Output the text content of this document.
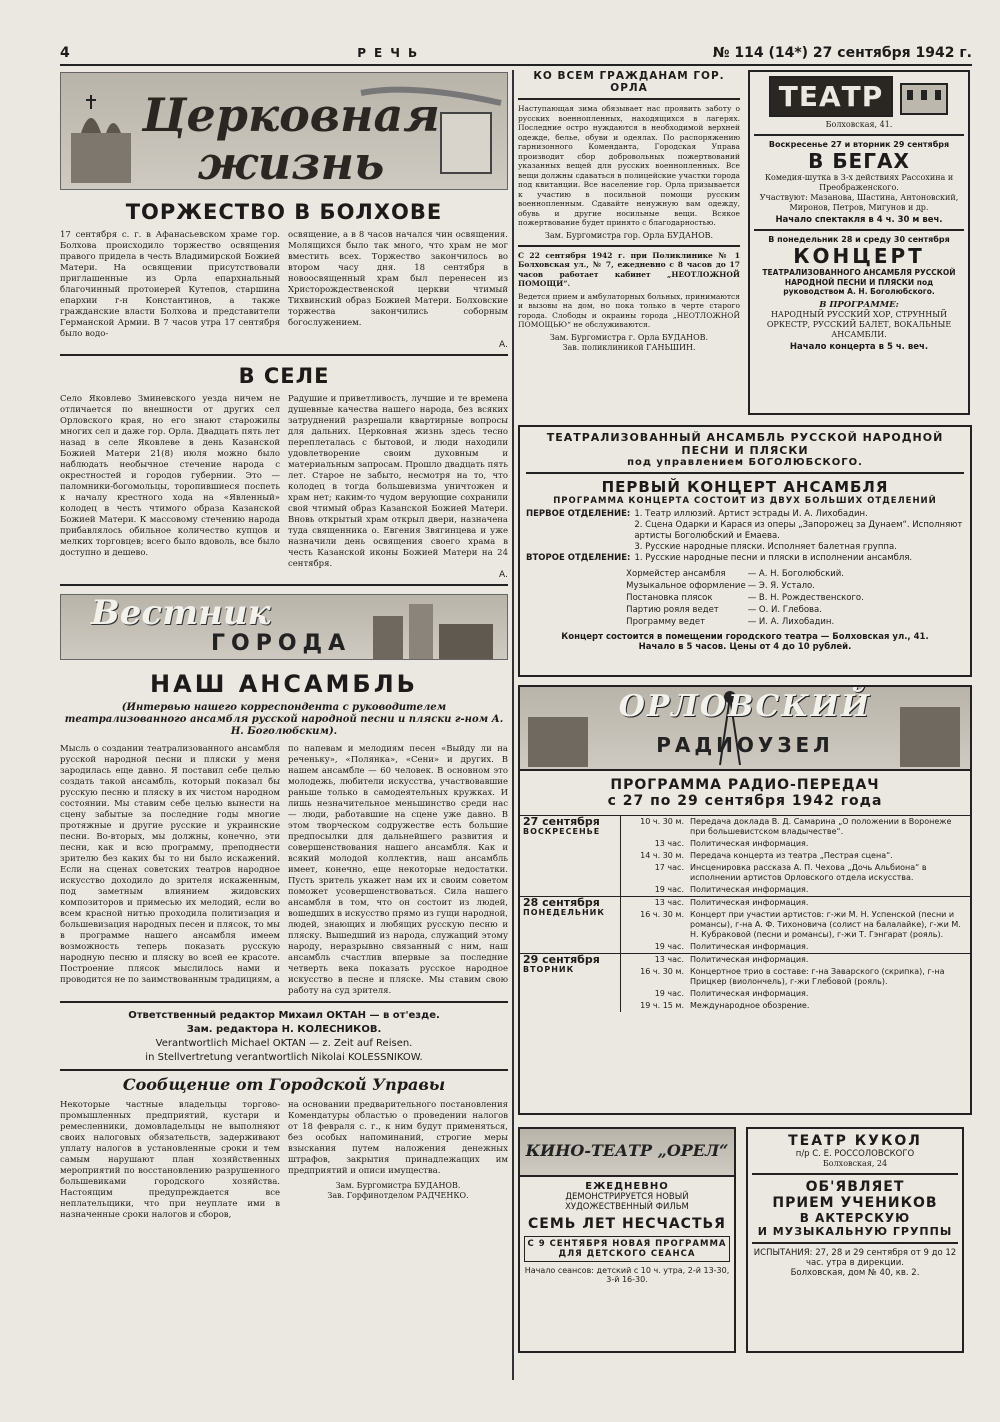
4	РЕЧЬ	№ 114 (14*) 27 сентября 1942 г.
Церковная жизнь
ТОРЖЕСТВО В БОЛХОВЕ
17 сентября с. г. в Афанасьевском храме гор. Болхова происходило торжество освящения правого придела в честь Владимирской Божией Матери. На освящении присутствовали приглашенные из Орла епархиальный благочинный протоиерей Кутепов, старшина епархии г-н Константинов, а также гражданские власти Болхова и представители Германской Армии. В 7 часов утра 17 сентября было водо-
освящение, а в 8 часов начался чин освящения. Молящихся было так много, что храм не мог вместить всех. Торжество закончилось во втором часу дня. 18 сентября в новоосвященный храм был перенесен из Христорождественской церкви чтимый Тихвинский образ Божией Матери. Болховские торжества закончились соборным богослужением.
А.
В СЕЛЕ
Село Яковлево Зминевского уезда ничем не отличается по внешности от других сел Орловского края, но его знают старожилы многих сел и даже гор. Орла. Двадцать пять лет назад в селе Яковлеве в день Казанской Божией Матери 21(8) июля можно было наблюдать необычное стечение народа с окрестностей и городов губернии. Это — паломники-богомольцы, торопившиеся поспеть к началу крестного хода на «Явленный» колодец в честь чтимого образа Казанской Божией Матери. К массовому стечению народа прибавлялось обильное количество купцов и мелких торговцев; всего было вдоволь, все было доступно и дешево.
Радушие и приветливость, лучшие и те времена душевные качества нашего народа, без всяких затруднений разрешали квартирные вопросы для дальних. Церковная жизнь здесь тесно переплеталась с бытовой, и люди находили удовлетворение своим духовным и материальным запросам. Прошло двадцать пять лет. Старое не забыто, несмотря на то, что колодец в тогда большевизма уничтожен и храм нет; каким-то чудом верующие сохранили свой чтимый образ Казанской Божией Матери. Вновь открытый храм открыл двери, назначена туда священника о. Евгения Звягинцева и уже назначили день освящения своего храма в честь Казанской иконы Божией Матери на 24 сентября.
А.
Вестник
ГОРОДА
НАШ АНСАМБЛЬ
(Интервью нашего корреспондента с руководителем театрализованного ансамбля русской народной песни и пляски г-ном А. Н. Боголюбским).
Мысль о создании театрализованного ансамбля русской народной песни и пляски у меня зародилась еще давно. Я поставил себе целью создать такой ансамбль, который показал бы русскую песню и пляску в их чистом народном состоянии. Мы ставим себе целью вынести на сцену забытые за последние годы многие протяжные и другие русские и украинские песни. Во-вторых, мы должны, конечно, эти песни, как и всю программу, преподнести зрителю без каких бы то ни было искажений. Если на сценах советских театров народное искусство доходило до зрителя искаженным, под заметным влиянием жидовских композиторов и примесью их мелодий, если во всем красной нитью проходила политизация и большевизация народных песен и плясок, то мы в программе нашего ансамбля имеем возможность теперь показать русскую народную песню и пляску во всей ее красоте. Построение плясок мыслилось нами и проводится не по заимствованным традициям, а
по напевам и мелодиям песен «Выйду ли на реченьку», «Полянка», «Сени» и других. В нашем ансамбле — 60 человек. В основном это молодежь, любители искусства, участвовавшие раньше только в самодеятельных кружках. И лишь незначительное меньшинство среди нас — люди, работавшие на сцене уже давно. В этом творческом содружестве есть большие предпосылки для дальнейшего развития и совершенствования нашего ансамбля. Как и всякий молодой коллектив, наш ансамбль имеет, конечно, еще некоторые недостатки. Пусть зритель укажет нам их и своим советом поможет усовершенствоваться. Сила нашего ансамбля в том, что он состоит из людей, вошедших в искусство прямо из гущи народной, людей, знающих и любящих русскую песню и пляску. Вышедший из народа, служащий этому народу, неразрывно связанный с ним, наш ансамбль счастлив впервые за последние четверть века показать русское народное искусство в песне и пляске. Мы ставим свою работу на суд зрителя.
Ответственный редактор Михаил ОКТАН — в от'езде.
Зам. редактора Н. КОЛЕСНИКОВ.
Verantwortlich Michael OKTAN — z. Zeit auf Reisen.
in Stellvertretung verantwortlich Nikolai KOLESSNIKOW.
Сообщение от Городской Управы
Некоторые частные владельцы торгово-промышленных предприятий, кустари и ремесленники, домовладельцы не выполняют своих налоговых обязательств, задерживают уплату налогов в установленные сроки и тем самым нарушают план хозяйственных мероприятий по восстановлению разрушенного большевиками городского хозяйства. Настоящим предупреждается все неплательщики, что при неуплате ими в назначенные сроки налогов и сборов,
на основании предварительного постановления Комендатуры областью о проведении налогов от 18 февраля с. г., к ним будут применяться, без особых напоминаний, строгие меры взыскания путем наложения денежных штрафов, закрытия принадлежащих им предприятий и описи имущества.
Зам. Бургомистра БУДАНОВ.
Зав. Горфинотделом РАДЧЕНКО.
КО ВСЕМ ГРАЖДАНАМ ГОР. ОРЛА
Наступающая зима обязывает нас проявить заботу о русских военнопленных, находящихся в лагерях. Последние остро нуждаются в необходимой верхней одежде, белье, обуви и одеялах. По распоряжению гарнизонного Коменданта, Городская Управа производит сбор добровольных пожертвований указанных вещей для русских военнопленных. Все вещи должны сдаваться в полицейские участки города под квитанции. Все население гор. Орла призывается к участию в посильной помощи русским военнопленным. Сдавайте ненужную вам одежду, обувь и другие носильные вещи. Всякое пожертвование будет принято с благодарностью.
Зам. Бургомистра гор. Орла БУДАНОВ.
С 22 сентября 1942 г. при Поликлинике № 1 Болховская ул., № 7, ежедневно с 8 часов до 17 часов работает кабинет „НЕОТЛОЖНОЙ ПОМОЩИ“.
Ведется прием и амбулаторных больных, принимаются и вызовы на дом, но пока только в черте старого города. Слободы и окраины города „НЕОТЛОЖНОЙ ПОМОЩЬЮ“ не обслуживаются.
Зам. Бургомистра г. Орла БУДАНОВ.
Зав. поликлиникой ГАНЬШИН.
ТЕАТР
Болховская, 41.
Воскресенье 27 и вторник 29 сентября
В БЕГАХ
Комедия-шутка в 3-х действиях Рассохина и Преображенского.
Участвуют: Мазанова, Шастина, Антоновский, Миронов, Петров, Мигунов и др.
Начало спектакля в 4 ч. 30 м веч.
В понедельник 28 и среду 30 сентября
КОНЦЕРТ
ТЕАТРАЛИЗОВАННОГО АНСАМБЛЯ РУССКОЙ НАРОДНОЙ ПЕСНИ И ПЛЯСКИ под руководством А. Н. Боголюбского.
В ПРОГРАММЕ:
НАРОДНЫЙ РУССКИЙ ХОР, СТРУННЫЙ ОРКЕСТР, РУССКИЙ БАЛЕТ, ВОКАЛЬНЫЕ АНСАМБЛИ.
Начало концерта в 5 ч. веч.
ТЕАТРАЛИЗОВАННЫЙ АНСАМБЛЬ РУССКОЙ НАРОДНОЙ ПЕСНИ И ПЛЯСКИ
под управлением БОГОЛЮБСКОГО.
ПЕРВЫЙ КОНЦЕРТ АНСАМБЛЯ
ПРОГРАММА КОНЦЕРТА СОСТОИТ ИЗ ДВУХ БОЛЬШИХ ОТДЕЛЕНИЙ
ПЕРВОЕ ОТДЕЛЕНИЕ: 1. Театр иллюзий. Артист эстрады И. А. Лихобадин.
2. Сцена Одарки и Карася из оперы „Запорожец за Дунаем“. Исполняют артисты Боголюбский и Емаева.
3. Русские народные пляски. Исполняет балетная группа.
ВТОРОЕ ОТДЕЛЕНИЕ: 1. Русские народные песни и пляски в исполнении ансамбля.
Хормейстер ансамбля	— А. Н. Боголюбский.
Музыкальное оформление	— Э. Я. Устало.
Постановка плясок	— В. Н. Рождественского.
Партию рояля ведет	— О. И. Глебова.
Программу ведет	— И. А. Лихобадин.
Концерт состоится в помещении городского театра — Болховская ул., 41.
Начало в 5 часов. Цены от 4 до 10 рублей.
ОРЛОВСКИЙ
РАДИОУЗЕЛ
ПРОГРАММА РАДИО-ПЕРЕДАЧ
с 27 по 29 сентября 1942 года
27 сентября
ВОСКРЕСЕНЬЕ	10 ч. 30 м.	Передача доклада В. Д. Самарина „О положении в Воронеже при большевистском владычестве“.
	13 час.	Политическая информация.
	14 ч. 30 м.	Передача концерта из театра „Пестрая сцена“.
	17 час.	Инсценировка рассказа А. П. Чехова „Дочь Альбиона“ в исполнении артистов Орловского отдела искусства.
	19 час.	Политическая информация.
28 сентября
ПОНЕДЕЛЬНИК	13 час.	Политическая информация.
	16 ч. 30 м.	Концерт при участии артистов: г-жи М. Н. Успенской (песни и романсы), г-на А. Ф. Тихоновича (солист на балалайке), г-жи М. Н. Кубраковой (песни и романсы), г-жи Т. Гэнгарат (рояль).
	19 час.	Политическая информация.
29 сентября
ВТОРНИК	13 час.	Политическая информация.
	16 ч. 30 м.	Концертное трио в составе: г-на Заварского (скрипка), г-на Прицкер (виолончель), г-жи Глебовой (рояль).
	19 час.	Политическая информация.
	19 ч. 15 м.	Международное обозрение.
КИНО-ТЕАТР „ОРЕЛ“
ЕЖЕДНЕВНО
ДЕМОНСТРИРУЕТСЯ НОВЫЙ ХУДОЖЕСТВЕННЫЙ ФИЛЬМ
СЕМЬ ЛЕТ НЕСЧАСТЬЯ
С 9 СЕНТЯБРЯ НОВАЯ ПРОГРАММА ДЛЯ ДЕТСКОГО СЕАНСА
Начало сеансов: детский с 10 ч. утра, 2-й 13-30, 3-й 16-30.
ТЕАТР КУКОЛ
п/р С. Е. РОССОЛОВСКОГО
Болховская, 24
ОБ'ЯВЛЯЕТ
ПРИЕМ УЧЕНИКОВ
В АКТЕРСКУЮ
И МУЗЫКАЛЬНУЮ ГРУППЫ
ИСПЫТАНИЯ: 27, 28 и 29 сентября от 9 до 12 час. утра в дирекции.
Болховская, дом № 40, кв. 2.
